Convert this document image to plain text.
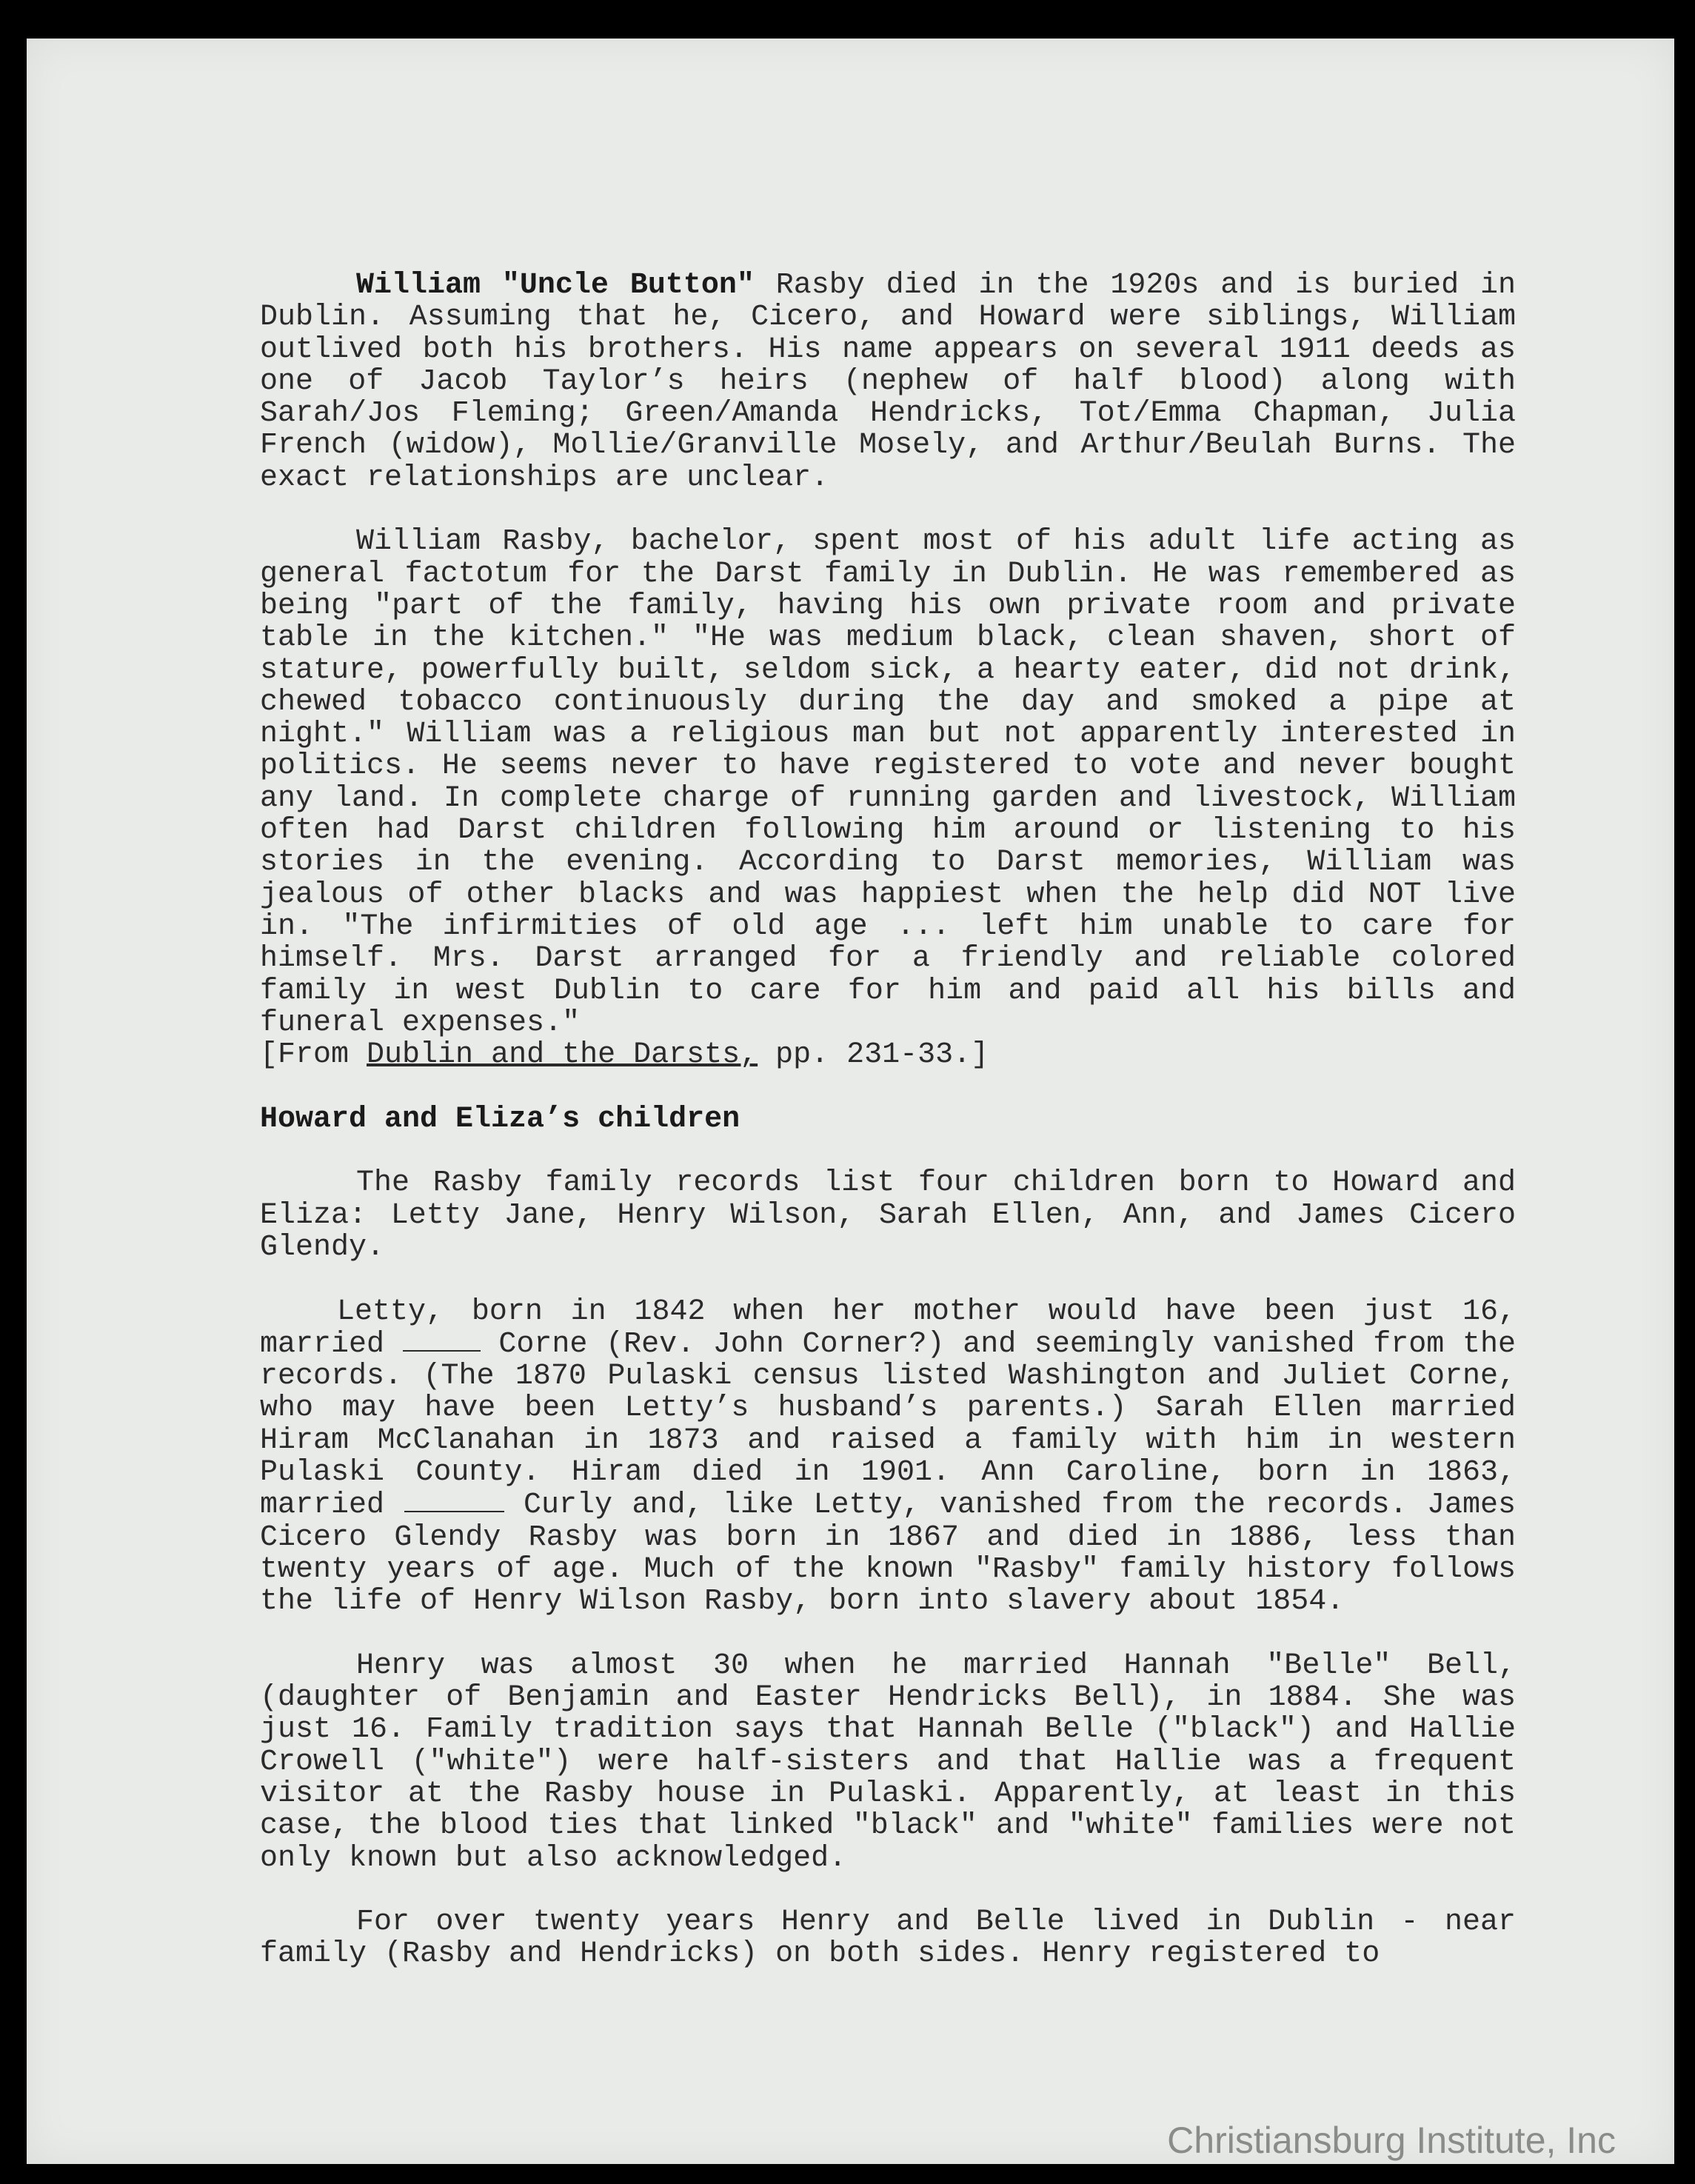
William "Uncle Button" Rasby died in the 1920s and is buried in Dublin. Assuming that he, Cicero, and Howard were siblings, William outlived both his brothers. His name appears on several 1911 deeds as one of Jacob Taylor’s heirs (nephew of half blood) along with Sarah/Jos Fleming; Green/Amanda Hendricks, Tot/Emma Chapman, Julia French (widow), Mollie/Granville Mosely, and Arthur/Beulah Burns. The exact relationships are unclear.

William Rasby, bachelor, spent most of his adult life acting as general factotum for the Darst family in Dublin. He was remembered as being "part of the family, having his own private room and private table in the kitchen." "He was medium black, clean shaven, short of stature, powerfully built, seldom sick, a hearty eater, did not drink, chewed tobacco continuously during the day and smoked a pipe at night." William was a religious man but not apparently interested in politics. He seems never to have registered to vote and never bought any land. In complete charge of running garden and livestock, William often had Darst children following him around or listening to his stories in the evening. According to Darst memories, William was jealous of other blacks and was happiest when the help did NOT live in. "The infirmities of old age ... left him unable to care for himself. Mrs. Darst arranged for a friendly and reliable colored family in west Dublin to care for him and paid all his bills and funeral expenses."
[From Dublin and the Darsts, pp. 231-33.]

Howard and Eliza’s children

The Rasby family records list four children born to Howard and Eliza: Letty Jane, Henry Wilson, Sarah Ellen, Ann, and James Cicero Glendy.

Letty, born in 1842 when her mother would have been just 16, married	Corne (Rev. John Corner?) and seemingly vanished from the records. (The 1870 Pulaski census listed Washington and Juliet Corne, who may have been Letty’s husband’s parents.) Sarah Ellen married Hiram McClanahan in 1873 and raised a family with him in western Pulaski County. Hiram died in 1901. Ann Caroline, born in 1863, married	Curly and, like Letty, vanished from the records. James Cicero Glendy Rasby was born in 1867 and died in 1886, less than twenty years of age. Much of the known "Rasby" family history follows the life of Henry Wilson Rasby, born into slavery about 1854.

Henry was almost 30 when he married Hannah "Belle" Bell, (daughter of Benjamin and Easter Hendricks Bell), in 1884. She was just 16. Family tradition says that Hannah Belle ("black") and Hallie Crowell ("white") were half-sisters and that Hallie was a frequent visitor at the Rasby house in Pulaski. Apparently, at least in this case, the blood ties that linked "black" and "white" families were not only known but also acknowledged.

For over twenty years Henry and Belle lived in Dublin - near family (Rasby and Hendricks) on both sides. Henry registered to

Christiansburg Institute, Inc
